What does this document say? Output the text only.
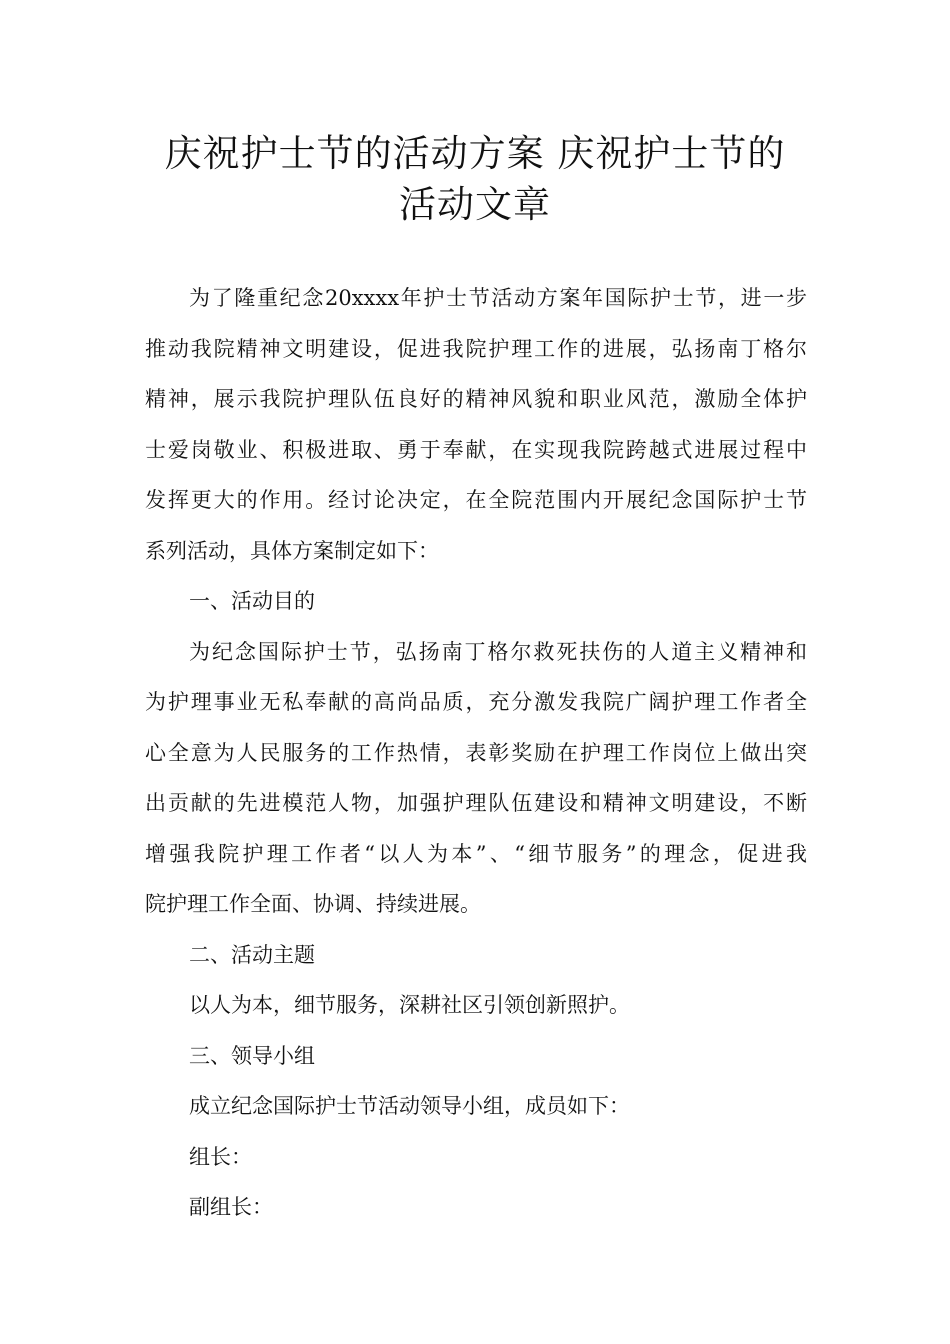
庆祝护士节的活动方案 庆祝护士节的
活动文章
为了隆重纪念20xxxx年护士节活动方案年国际护士节，进一步
推动我院精神文明建设，促进我院护理工作的进展，弘扬南丁格尔
精神，展示我院护理队伍良好的精神风貌和职业风范，激励全体护
士爱岗敬业、积极进取、勇于奉献，在实现我院跨越式进展过程中
发挥更大的作用。经讨论决定，在全院范围内开展纪念国际护士节
系列活动，具体方案制定如下：
一、活动目的
为纪念国际护士节，弘扬南丁格尔救死扶伤的人道主义精神和
为护理事业无私奉献的高尚品质，充分激发我院广阔护理工作者全
心全意为人民服务的工作热情，表彰奖励在护理工作岗位上做出突
出贡献的先进模范人物，加强护理队伍建设和精神文明建设，不断
增强我院护理工作者“以人为本”、“细节服务”的理念，促进我
院护理工作全面、协调、持续进展。
二、活动主题
以人为本，细节服务，深耕社区引领创新照护。
三、领导小组
成立纪念国际护士节活动领导小组，成员如下：
组长：
副组长：
